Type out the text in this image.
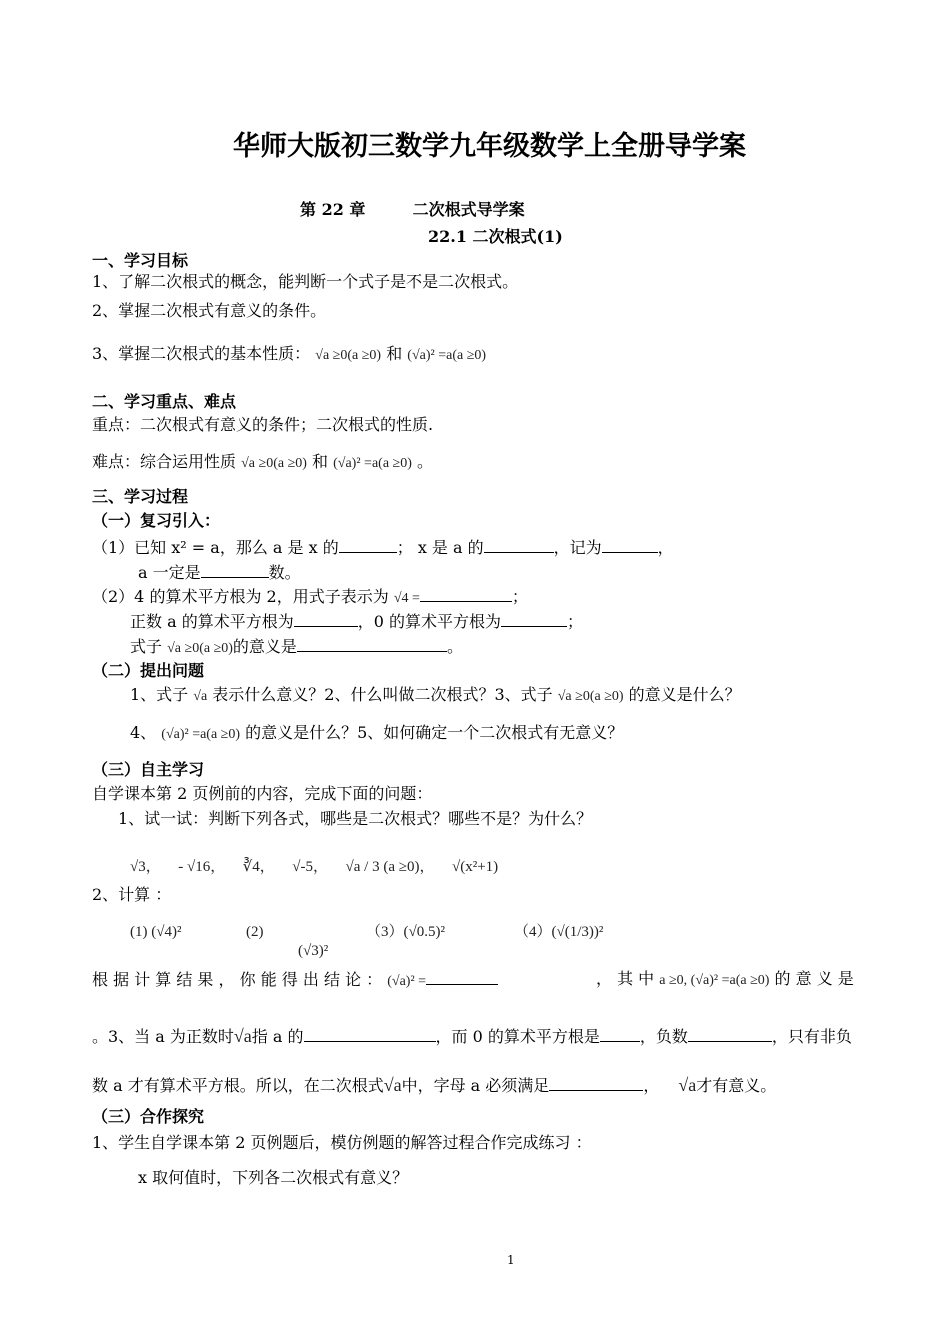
华师大版初三数学九年级数学上全册导学案
第 22 章	二次根式导学案
22.1 二次根式(1)
一、学习目标
1、了解二次根式的概念，能判断一个式子是不是二次根式。
2、掌握二次根式有意义的条件。
3、掌握二次根式的基本性质： √a ≥0(a ≥0) 和 (√a)² =a(a ≥0)
二、学习重点、难点
重点：二次根式有意义的条件；二次根式的性质.
难点：综合运用性质 √a ≥0(a ≥0) 和 (√a)² =a(a ≥0) 。
三、学习过程
（一）复习引入：
（1）已知 x² = a，那么 a 是 x 的	； x 是 a 的	，记为	，
a 一定是	数。
（2）4 的算术平方根为 2，用式子表示为 √4 =	；
正数 a 的算术平方根为	，0 的算术平方根为	；
式子 √a ≥0(a ≥0)的意义是	。
（二）提出问题
1、式子 √a 表示什么意义？2、什么叫做二次根式？3、式子 √a ≥0(a ≥0) 的意义是什么？
4、 (√a)² =a(a ≥0) 的意义是什么？5、如何确定一个二次根式有无意义？
（三）自主学习
自学课本第 2 页例前的内容，完成下面的问题：
1、试一试：判断下列各式，哪些是二次根式？哪些不是？为什么？
√3， - √16， ∛4， √-5， √a / 3 (a ≥0)， √(x²+1)
2、计算 ：
(1) (√4)²	(2)
(√3)²
（3）(√0.5)²	（4）(√(1/3))²
根 据 计 算 结 果 ， 你 能 得 出 结 论 ： (√a)² =	， 其 中 a ≥0, (√a)² =a(a ≥0) 的 意 义 是
。3、当 a 为正数时√a指 a 的	，而 0 的算术平方根是	，负数	，只有非负
数 a 才有算术平方根。所以，在二次根式√a中，字母 a 必须满足	， √a才有意义。
（三）合作探究
1、学生自学课本第 2 页例题后，模仿例题的解答过程合作完成练习 ：
x 取何值时，下列各二次根式有意义？
1
